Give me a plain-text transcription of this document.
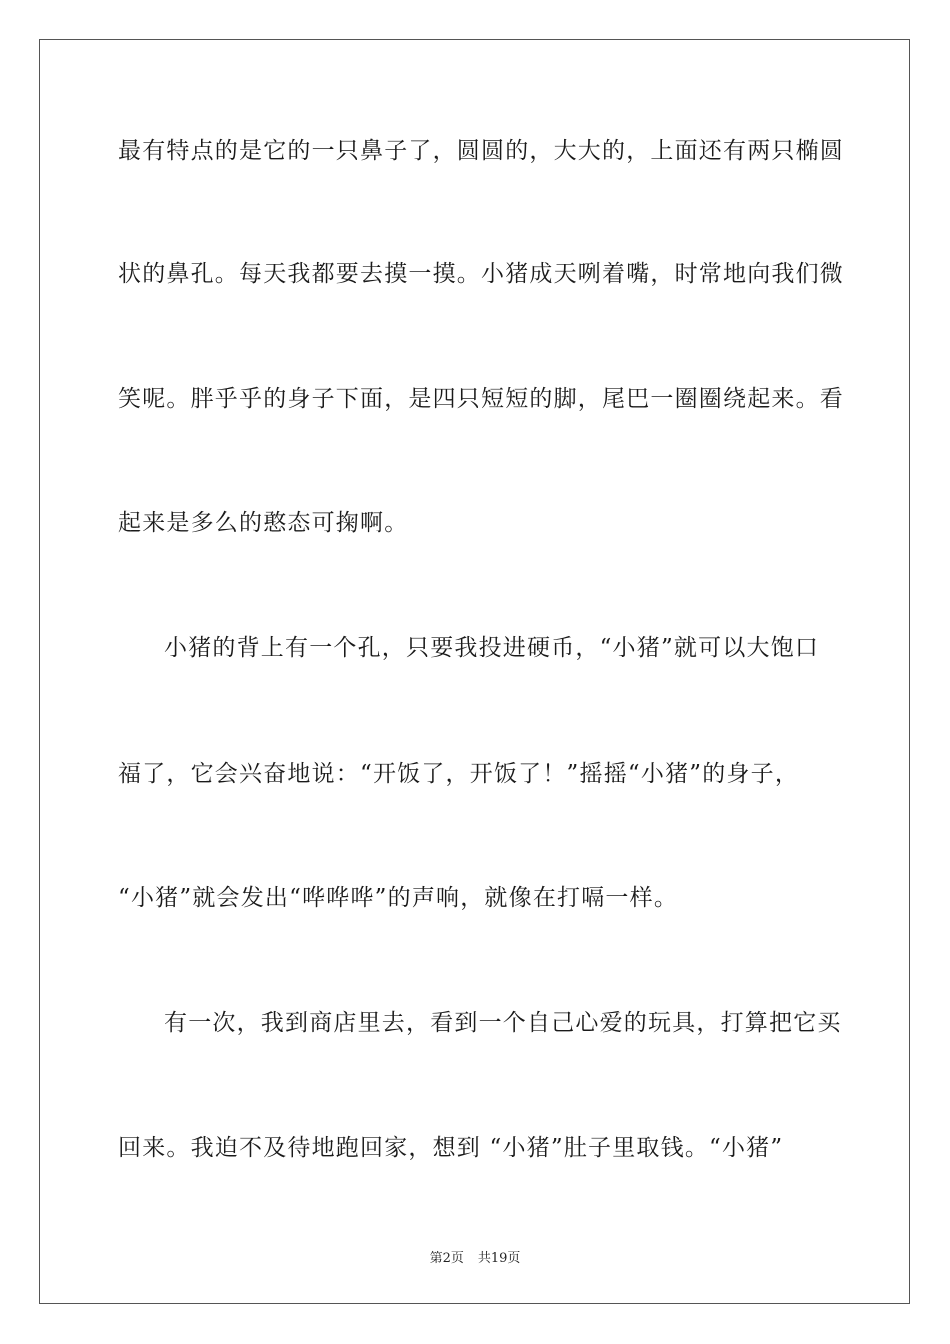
最有特点的是它的一只鼻子了，圆圆的，大大的，上面还有两只椭圆
状的鼻孔。每天我都要去摸一摸。小猪成天咧着嘴，时常地向我们微
笑呢。胖乎乎的身子下面，是四只短短的脚，尾巴一圈圈绕起来。看
起来是多么的憨态可掬啊。
小猪的背上有一个孔，只要我投进硬币，“小猪”就可以大饱口
福了，它会兴奋地说：“开饭了，开饭了！”摇摇“小猪”的身子，
“小猪”就会发出“哗哗哗”的声响，就像在打嗝一样。
有一次，我到商店里去，看到一个自己心爱的玩具，打算把它买
回来。我迫不及待地跑回家，想到 “小猪”肚子里取钱。“小猪”
第2页 共19页
